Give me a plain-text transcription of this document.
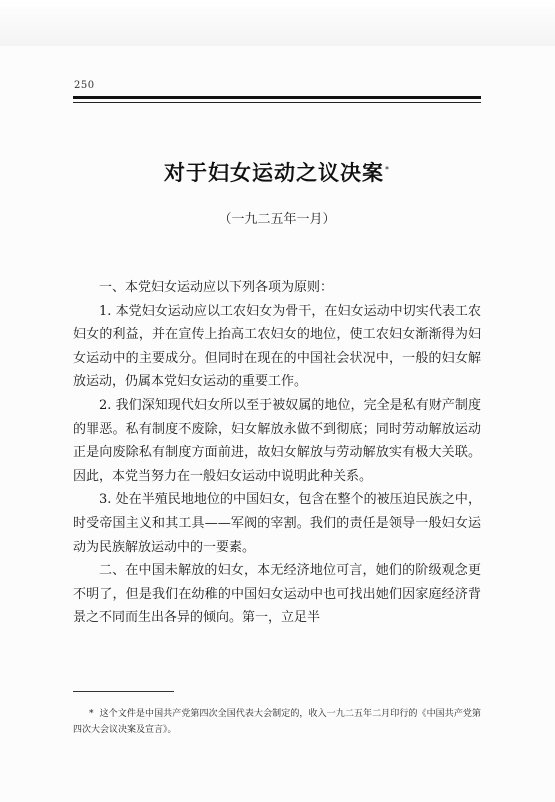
250
对于妇女运动之议决案*
（一九二五年一月）

一、本党妇女运动应以下列各项为原则：

1. 本党妇女运动应以工农妇女为骨干，在妇女运动中切实代表工农妇女的利益，并在宣传上抬高工农妇女的地位，使工农妇女渐渐得为妇女运动中的主要成分。但同时在现在的中国社会状况中，一般的妇女解放运动，仍属本党妇女运动的重要工作。

2. 我们深知现代妇女所以至于被奴属的地位，完全是私有财产制度的罪恶。私有制度不废除，妇女解放永做不到彻底；同时劳动解放运动正是向废除私有制度方面前进，故妇女解放与劳动解放实有极大关联。因此，本党当努力在一般妇女运动中说明此种关系。

3. 处在半殖民地地位的中国妇女，包含在整个的被压迫民族之中，时受帝国主义和其工具——军阀的宰割。我们的责任是领导一般妇女运动为民族解放运动中的一要素。

二、在中国未解放的妇女，本无经济地位可言，她们的阶级观念更不明了，但是我们在幼稚的中国妇女运动中也可找出她们因家庭经济背景之不同而生出各异的倾向。第一，立足半

* 这个文件是中国共产党第四次全国代表大会制定的，收入一九二五年二月印行的《中国共产党第四次大会议决案及宣言》。
